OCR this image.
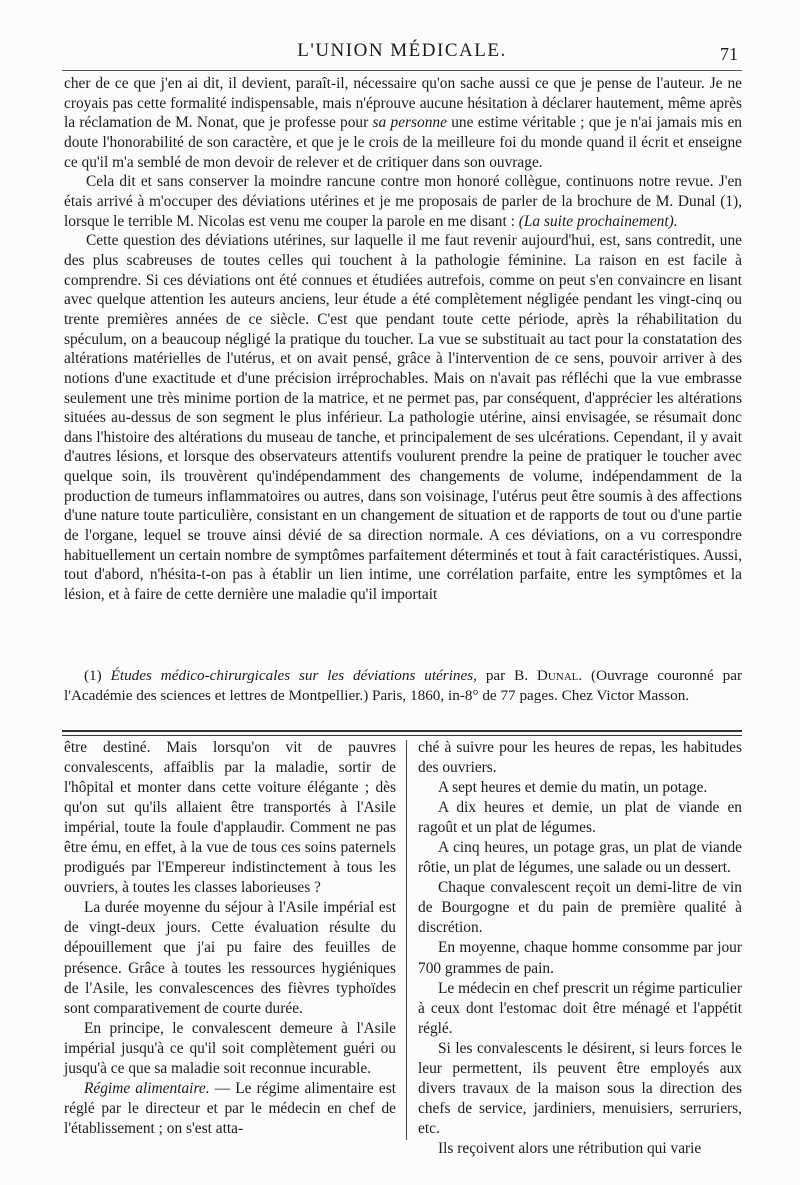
L'UNION MÉDICALE.	71

cher de ce que j'en ai dit, il devient, paraît-il, nécessaire qu'on sache aussi ce que je pense de l'auteur. Je ne croyais pas cette formalité indispensable, mais n'éprouve aucune hésitation à déclarer hautement, même après la réclamation de M. Nonat, que je professe pour sa personne une estime véritable ; que je n'ai jamais mis en doute l'honorabilité de son caractère, et que je le crois de la meilleure foi du monde quand il écrit et enseigne ce qu'il m'a semblé de mon devoir de relever et de critiquer dans son ouvrage.

Cela dit et sans conserver la moindre rancune contre mon honoré collègue, continuons notre revue. J'en étais arrivé à m'occuper des déviations utérines et je me proposais de parler de la brochure de M. Dunal (1), lorsque le terrible M. Nicolas est venu me couper la parole en me disant : (La suite prochainement).

Cette question des déviations utérines, sur laquelle il me faut revenir aujourd'hui, est, sans contredit, une des plus scabreuses de toutes celles qui touchent à la pathologie féminine. La raison en est facile à comprendre. Si ces déviations ont été connues et étudiées autrefois, comme on peut s'en convaincre en lisant avec quelque attention les auteurs anciens, leur étude a été complètement négligée pendant les vingt-cinq ou trente premières années de ce siècle. C'est que pendant toute cette période, après la réhabilitation du spéculum, on a beaucoup négligé la pratique du toucher. La vue se substituait au tact pour la constatation des altérations matérielles de l'utérus, et on avait pensé, grâce à l'intervention de ce sens, pouvoir arriver à des notions d'une exactitude et d'une précision irréprochables. Mais on n'avait pas réfléchi que la vue embrasse seulement une très minime portion de la matrice, et ne permet pas, par conséquent, d'apprécier les altérations situées au-dessus de son segment le plus inférieur. La pathologie utérine, ainsi envisagée, se résumait donc dans l'histoire des altérations du museau de tanche, et principalement de ses ulcérations. Cependant, il y avait d'autres lésions, et lorsque des observateurs attentifs voulurent prendre la peine de pratiquer le toucher avec quelque soin, ils trouvèrent qu'indépendamment des changements de volume, indépendamment de la production de tumeurs inflammatoires ou autres, dans son voisinage, l'utérus peut être soumis à des affections d'une nature toute particulière, consistant en un changement de situation et de rapports de tout ou d'une partie de l'organe, lequel se trouve ainsi dévié de sa direction normale. A ces déviations, on a vu correspondre habituellement un certain nombre de symptômes parfaitement déterminés et tout à fait caractéristiques. Aussi, tout d'abord, n'hésita-t-on pas à établir un lien intime, une corrélation parfaite, entre les symptômes et la lésion, et à faire de cette dernière une maladie qu'il importait

(1) Études médico-chirurgicales sur les déviations utérines, par B. Dunal. (Ouvrage couronné par l'Académie des sciences et lettres de Montpellier.) Paris, 1860, in-8° de 77 pages. Chez Victor Masson.

être destiné. Mais lorsqu'on vit de pauvres convalescents, affaiblis par la maladie, sortir de l'hôpital et monter dans cette voiture élégante ; dès qu'on sut qu'ils allaient être transportés à l'Asile impérial, toute la foule d'applaudir. Comment ne pas être ému, en effet, à la vue de tous ces soins paternels prodigués par l'Empereur indistinctement à tous les ouvriers, à toutes les classes laborieuses ?

La durée moyenne du séjour à l'Asile impérial est de vingt-deux jours. Cette évaluation résulte du dépouillement que j'ai pu faire des feuilles de présence. Grâce à toutes les ressources hygiéniques de l'Asile, les convalescences des fièvres typhoïdes sont comparativement de courte durée.

En principe, le convalescent demeure à l'Asile impérial jusqu'à ce qu'il soit complètement guéri ou jusqu'à ce que sa maladie soit reconnue incurable.

Régime alimentaire. — Le régime alimentaire est réglé par le directeur et par le médecin en chef de l'établissement ; on s'est atta-

ché à suivre pour les heures de repas, les habitudes des ouvriers.

A sept heures et demie du matin, un potage.

A dix heures et demie, un plat de viande en ragoût et un plat de légumes.

A cinq heures, un potage gras, un plat de viande rôtie, un plat de légumes, une salade ou un dessert.

Chaque convalescent reçoit un demi-litre de vin de Bourgogne et du pain de première qualité à discrétion.

En moyenne, chaque homme consomme par jour 700 grammes de pain.

Le médecin en chef prescrit un régime particulier à ceux dont l'estomac doit être ménagé et l'appétit réglé.

Si les convalescents le désirent, si leurs forces le leur permettent, ils peuvent être employés aux divers travaux de la maison sous la direction des chefs de service, jardiniers, menuisiers, serruriers, etc.

Ils reçoivent alors une rétribution qui varie
